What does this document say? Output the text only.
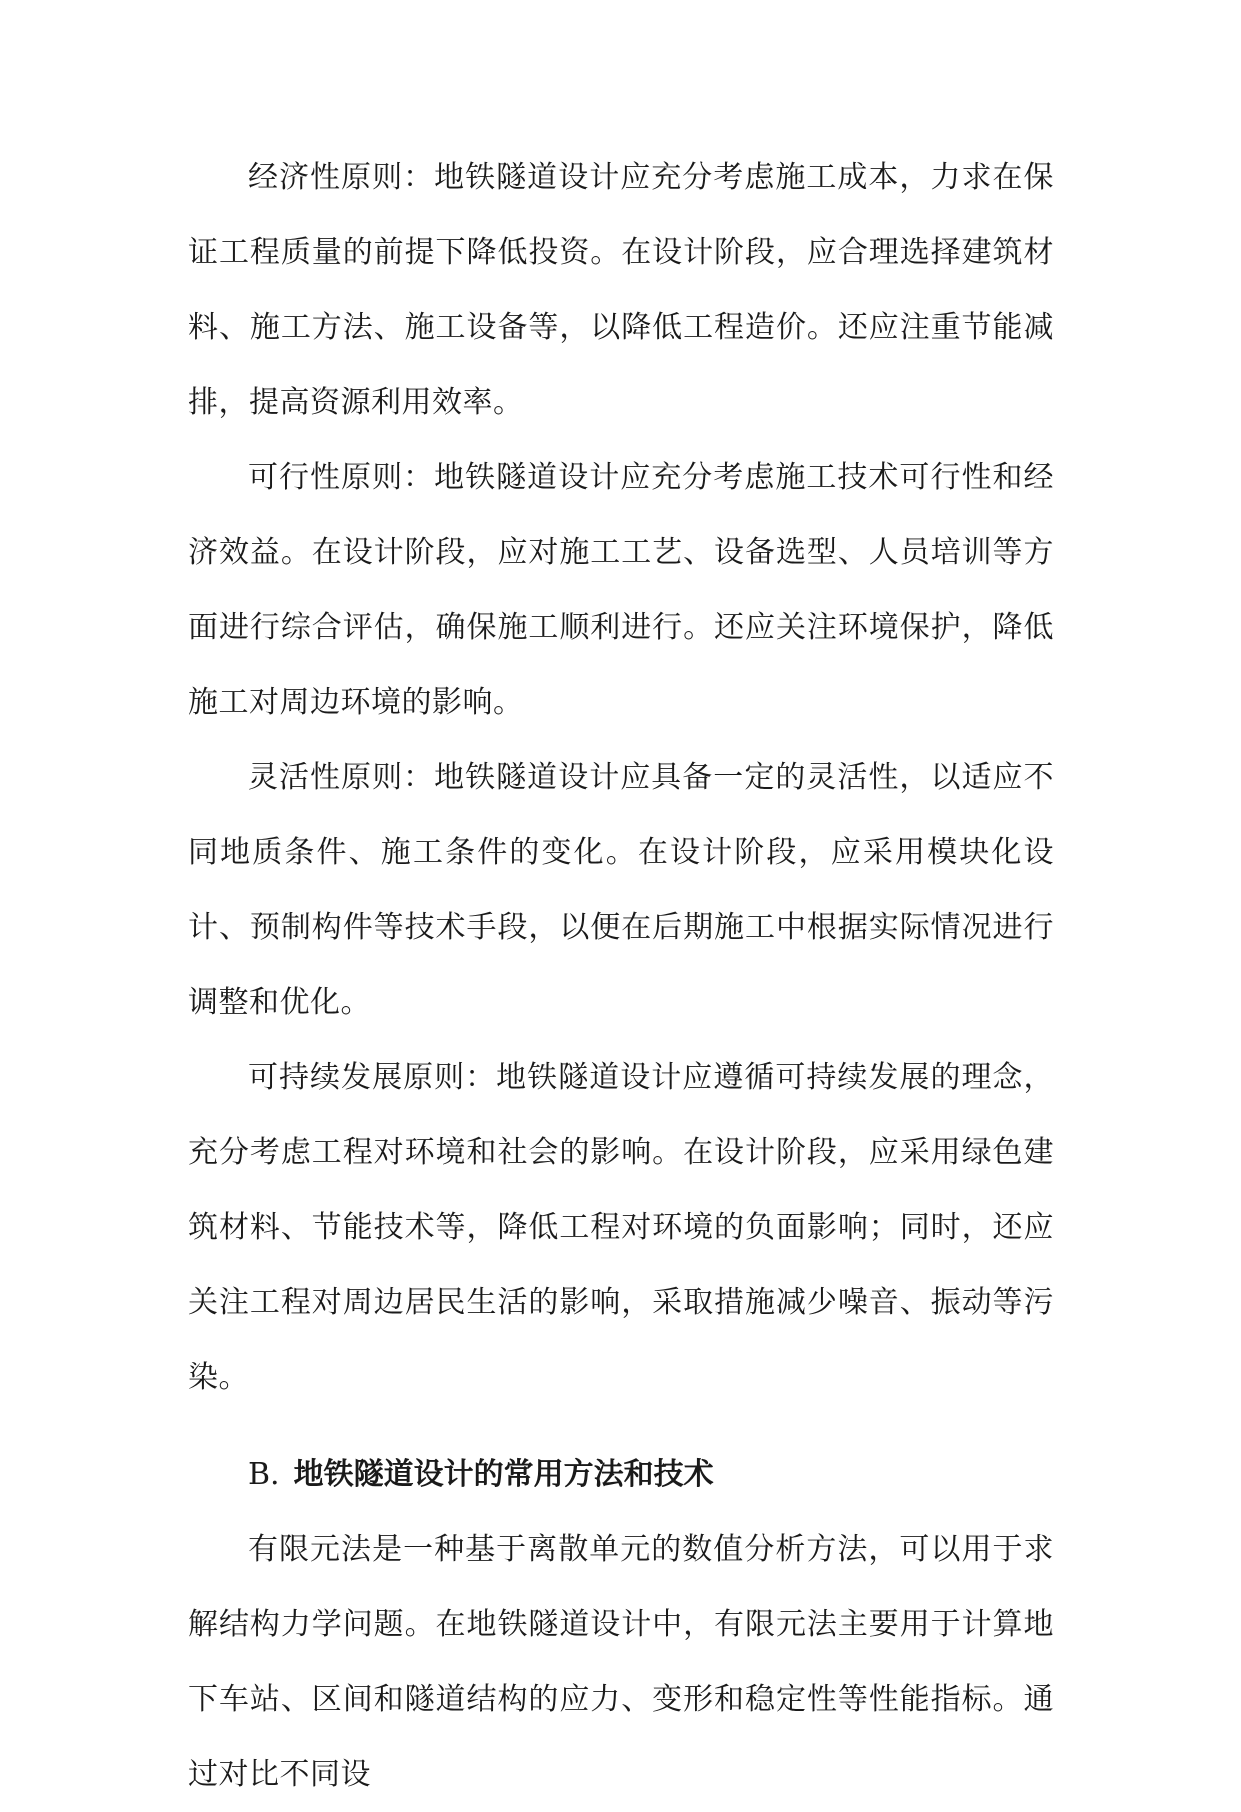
经济性原则：地铁隧道设计应充分考虑施工成本，力求在保证工程质量的前提下降低投资。在设计阶段，应合理选择建筑材料、施工方法、施工设备等，以降低工程造价。还应注重节能减排，提高资源利用效率。

可行性原则：地铁隧道设计应充分考虑施工技术可行性和经济效益。在设计阶段，应对施工工艺、设备选型、人员培训等方面进行综合评估，确保施工顺利进行。还应关注环境保护，降低施工对周边环境的影响。

灵活性原则：地铁隧道设计应具备一定的灵活性，以适应不同地质条件、施工条件的变化。在设计阶段，应采用模块化设计、预制构件等技术手段，以便在后期施工中根据实际情况进行调整和优化。

可持续发展原则：地铁隧道设计应遵循可持续发展的理念，充分考虑工程对环境和社会的影响。在设计阶段，应采用绿色建筑材料、节能技术等，降低工程对环境的负面影响；同时，还应关注工程对周边居民生活的影响，采取措施减少噪音、振动等污染。

B. 地铁隧道设计的常用方法和技术

有限元法是一种基于离散单元的数值分析方法，可以用于求解结构力学问题。在地铁隧道设计中，有限元法主要用于计算地下车站、区间和隧道结构的应力、变形和稳定性等性能指标。通过对比不同设
